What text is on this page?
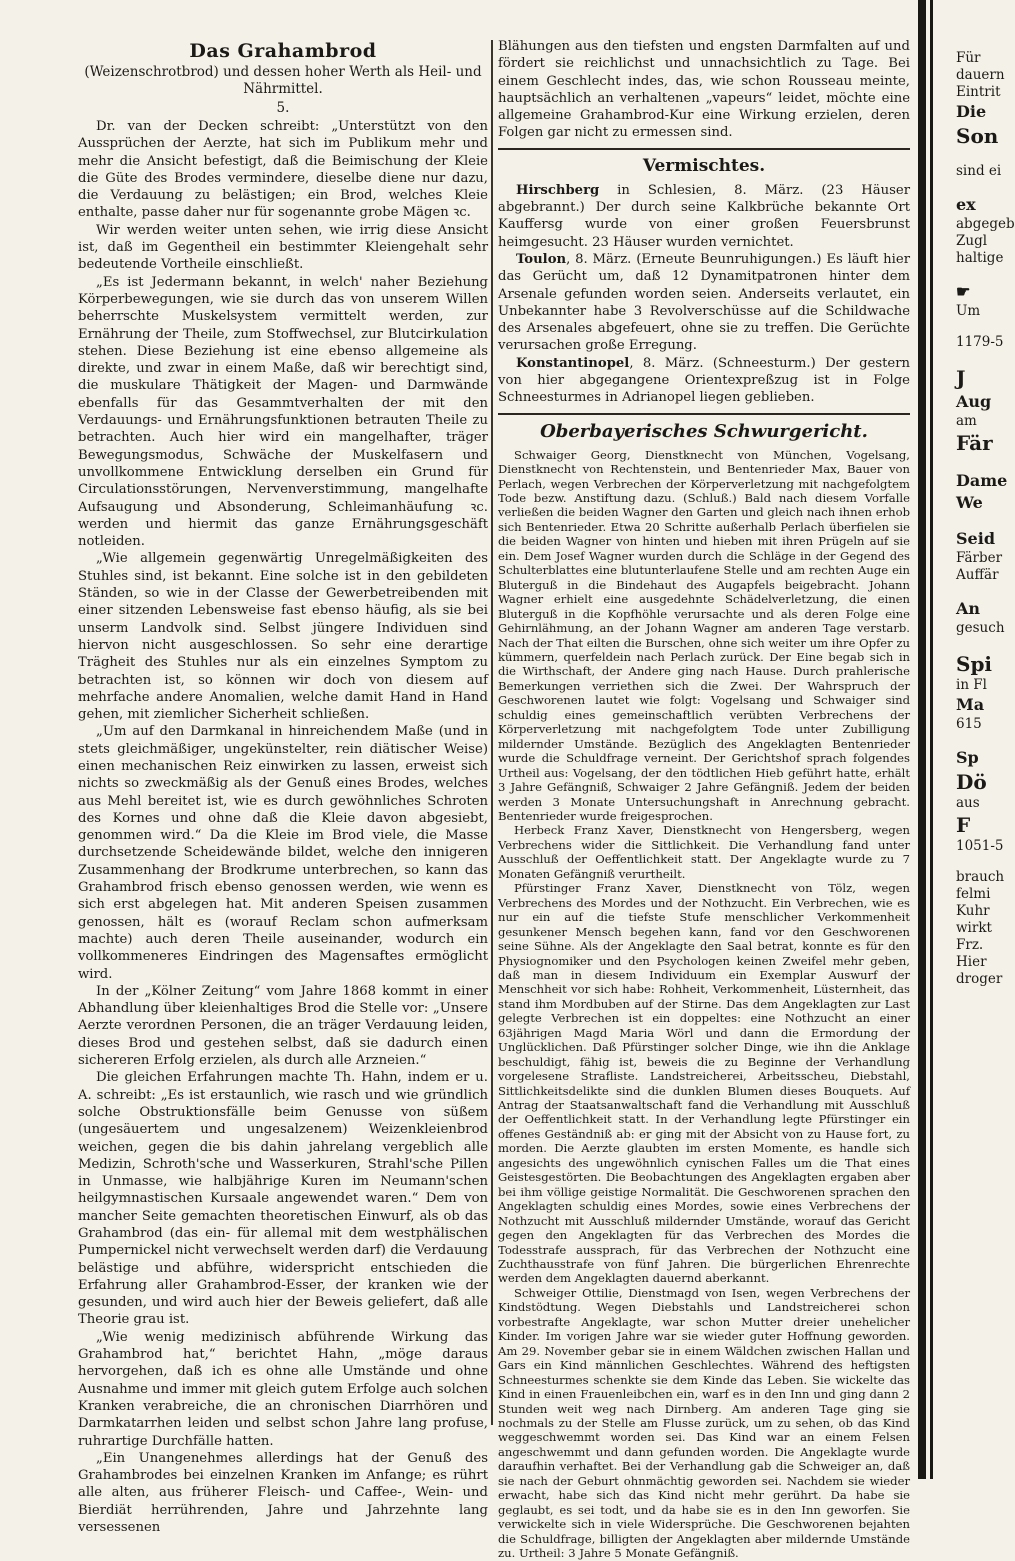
Das Grahambrod

(Weizenschrotbrod) und dessen hoher Werth als Heil- und Nährmittel.

5.

Dr. van der Decken schreibt: „Unterstützt von den Aussprüchen der Aerzte, hat sich im Publikum mehr und mehr die Ansicht befestigt, daß die Beimischung der Kleie die Güte des Brodes vermindere, dieselbe diene nur dazu, die Verdauung zu belästigen; ein Brod, welches Kleie enthalte, passe daher nur für sogenannte grobe Mägen ꝛc.

Wir werden weiter unten sehen, wie irrig diese Ansicht ist, daß im Gegentheil ein bestimmter Kleiengehalt sehr bedeutende Vortheile einschließt.

„Es ist Jedermann bekannt, in welch' naher Beziehung Körperbewegungen, wie sie durch das von unserem Willen beherrschte Muskelsystem vermittelt werden, zur Ernährung der Theile, zum Stoffwechsel, zur Blutcirkulation stehen. Diese Beziehung ist eine ebenso allgemeine als direkte, und zwar in einem Maße, daß wir berechtigt sind, die muskulare Thätigkeit der Magen- und Darmwände ebenfalls für das Gesammtverhalten der mit den Verdauungs- und Ernährungsfunktionen betrauten Theile zu betrachten. Auch hier wird ein mangelhafter, träger Bewegungsmodus, Schwäche der Muskelfasern und unvollkommene Entwicklung derselben ein Grund für Circulationsstörungen, Nervenverstimmung, mangelhafte Aufsaugung und Absonderung, Schleimanhäufung ꝛc. werden und hiermit das ganze Ernährungsgeschäft notleiden.

„Wie allgemein gegenwärtig Unregelmäßigkeiten des Stuhles sind, ist bekannt. Eine solche ist in den gebildeten Ständen, so wie in der Classe der Gewerbetreibenden mit einer sitzenden Lebensweise fast ebenso häufig, als sie bei unserm Landvolk sind. Selbst jüngere Individuen sind hiervon nicht ausgeschlossen. So sehr eine derartige Trägheit des Stuhles nur als ein einzelnes Symptom zu betrachten ist, so können wir doch von diesem auf mehrfache andere Anomalien, welche damit Hand in Hand gehen, mit ziemlicher Sicherheit schließen.

„Um auf den Darmkanal in hinreichendem Maße (und in stets gleichmäßiger, ungekünstelter, rein diätischer Weise) einen mechanischen Reiz einwirken zu lassen, erweist sich nichts so zweckmäßig als der Genuß eines Brodes, welches aus Mehl bereitet ist, wie es durch gewöhnliches Schroten des Kornes und ohne daß die Kleie davon abgesiebt, genommen wird.“ Da die Kleie im Brod viele, die Masse durchsetzende Scheidewände bildet, welche den innigeren Zusammenhang der Brodkrume unterbrechen, so kann das Grahambrod frisch ebenso genossen werden, wie wenn es sich erst abgelegen hat. Mit anderen Speisen zusammen genossen, hält es (worauf Reclam schon aufmerksam machte) auch deren Theile auseinander, wodurch ein vollkommeneres Eindringen des Magensaftes ermöglicht wird.

In der „Kölner Zeitung“ vom Jahre 1868 kommt in einer Abhandlung über kleienhaltiges Brod die Stelle vor: „Unsere Aerzte verordnen Personen, die an träger Verdauung leiden, dieses Brod und gestehen selbst, daß sie dadurch einen sichereren Erfolg erzielen, als durch alle Arzneien.“

Die gleichen Erfahrungen machte Th. Hahn, indem er u. A. schreibt: „Es ist erstaunlich, wie rasch und wie gründlich solche Obstruktionsfälle beim Genusse von süßem (ungesäuertem und ungesalzenem) Weizenkleienbrod weichen, gegen die bis dahin jahrelang vergeblich alle Medizin, Schroth'sche und Wasserkuren, Strahl'sche Pillen in Unmasse, wie halbjährige Kuren im Neumann'schen heilgymnastischen Kursaale angewendet waren.“ Dem von mancher Seite gemachten theoretischen Einwurf, als ob das Grahambrod (das ein- für allemal mit dem westphälischen Pumpernickel nicht verwechselt werden darf) die Verdauung belästige und abführe, widerspricht entschieden die Erfahrung aller Grahambrod-Esser, der kranken wie der gesunden, und wird auch hier der Beweis geliefert, daß alle Theorie grau ist.

„Wie wenig medizinisch abführende Wirkung das Grahambrod hat,“ berichtet Hahn, „möge daraus hervorgehen, daß ich es ohne alle Umstände und ohne Ausnahme und immer mit gleich gutem Erfolge auch solchen Kranken verabreiche, die an chronischen Diarrhören und Darmkatarrhen leiden und selbst schon Jahre lang profuse, ruhrartige Durchfälle hatten.

„Ein Unangenehmes allerdings hat der Genuß des Grahambrodes bei einzelnen Kranken im Anfange; es rührt alle alten, aus früherer Fleisch- und Caffee-, Wein- und Bierdiät herrührenden, Jahre und Jahrzehnte lang versessenen

Blähungen aus den tiefsten und engsten Darmfalten auf und fördert sie reichlichst und unnachsichtlich zu Tage. Bei einem Geschlecht indes, das, wie schon Rousseau meinte, hauptsächlich an verhaltenen „vapeurs“ leidet, möchte eine allgemeine Grahambrod-Kur eine Wirkung erzielen, deren Folgen gar nicht zu ermessen sind.

Vermischtes.

Hirschberg in Schlesien, 8. März. (23 Häuser abgebrannt.) Der durch seine Kalkbrüche bekannte Ort Kauffersg wurde von einer großen Feuersbrunst heimgesucht. 23 Häuser wurden vernichtet.

Toulon, 8. März. (Erneute Beunruhigungen.) Es läuft hier das Gerücht um, daß 12 Dynamitpatronen hinter dem Arsenale gefunden worden seien. Anderseits verlautet, ein Unbekannter habe 3 Revolverschüsse auf die Schildwache des Arsenales abgefeuert, ohne sie zu treffen. Die Gerüchte verursachen große Erregung.

Konstantinopel, 8. März. (Schneesturm.) Der gestern von hier abgegangene Orientexpreßzug ist in Folge Schneesturmes in Adrianopel liegen geblieben.

Oberbayerisches Schwurgericht.

Schwaiger Georg, Dienstknecht von München, Vogelsang, Dienstknecht von Rechtenstein, und Bentenrieder Max, Bauer von Perlach, wegen Verbrechen der Körperverletzung mit nachgefolgtem Tode bezw. Anstiftung dazu. (Schluß.) Bald nach diesem Vorfalle verließen die beiden Wagner den Garten und gleich nach ihnen erhob sich Bentenrieder. Etwa 20 Schritte außerhalb Perlach überfielen sie die beiden Wagner von hinten und hieben mit ihren Prügeln auf sie ein. Dem Josef Wagner wurden durch die Schläge in der Gegend des Schulterblattes eine blutunterlaufene Stelle und am rechten Auge ein Bluterguß in die Bindehaut des Augapfels beigebracht. Johann Wagner erhielt eine ausgedehnte Schädelverletzung, die einen Bluterguß in die Kopfhöhle verursachte und als deren Folge eine Gehirnlähmung, an der Johann Wagner am anderen Tage verstarb. Nach der That eilten die Burschen, ohne sich weiter um ihre Opfer zu kümmern, querfeldein nach Perlach zurück. Der Eine begab sich in die Wirthschaft, der Andere ging nach Hause. Durch prahlerische Bemerkungen verriethen sich die Zwei. Der Wahrspruch der Geschworenen lautet wie folgt: Vogelsang und Schwaiger sind schuldig eines gemeinschaftlich verübten Verbrechens der Körperverletzung mit nachgefolgtem Tode unter Zubilligung mildernder Umstände. Bezüglich des Angeklagten Bentenrieder wurde die Schuldfrage verneint. Der Gerichtshof sprach folgendes Urtheil aus: Vogelsang, der den tödtlichen Hieb geführt hatte, erhält 3 Jahre Gefängniß, Schwaiger 2 Jahre Gefängniß. Jedem der beiden werden 3 Monate Untersuchungshaft in Anrechnung gebracht. Bentenrieder wurde freigesprochen.

Herbeck Franz Xaver, Dienstknecht von Hengersberg, wegen Verbrechens wider die Sittlichkeit. Die Verhandlung fand unter Ausschluß der Oeffentlichkeit statt. Der Angeklagte wurde zu 7 Monaten Gefängniß verurtheilt.

Pfürstinger Franz Xaver, Dienstknecht von Tölz, wegen Verbrechens des Mordes und der Nothzucht. Ein Verbrechen, wie es nur ein auf die tiefste Stufe menschlicher Verkommenheit gesunkener Mensch begehen kann, fand vor den Geschworenen seine Sühne. Als der Angeklagte den Saal betrat, konnte es für den Physiognomiker und den Psychologen keinen Zweifel mehr geben, daß man in diesem Individuum ein Exemplar Auswurf der Menschheit vor sich habe: Rohheit, Verkommenheit, Lüsternheit, das stand ihm Mordbuben auf der Stirne. Das dem Angeklagten zur Last gelegte Verbrechen ist ein doppeltes: eine Nothzucht an einer 63jährigen Magd Maria Wörl und dann die Ermordung der Unglücklichen. Daß Pfürstinger solcher Dinge, wie ihn die Anklage beschuldigt, fähig ist, beweis die zu Beginne der Verhandlung vorgelesene Strafliste. Landstreicherei, Arbeitsscheu, Diebstahl, Sittlichkeitsdelikte sind die dunklen Blumen dieses Bouquets. Auf Antrag der Staatsanwaltschaft fand die Verhandlung mit Ausschluß der Oeffentlichkeit statt. In der Verhandlung legte Pfürstinger ein offenes Geständniß ab: er ging mit der Absicht von zu Hause fort, zu morden. Die Aerzte glaubten im ersten Momente, es handle sich angesichts des ungewöhnlich cynischen Falles um die That eines Geistesgestörten. Die Beobachtungen des Angeklagten ergaben aber bei ihm völlige geistige Normalität. Die Geschworenen sprachen den Angeklagten schuldig eines Mordes, sowie eines Verbrechens der Nothzucht mit Ausschluß mildernder Umstände, worauf das Gericht gegen den Angeklagten für das Verbrechen des Mordes die Todesstrafe aussprach, für das Verbrechen der Nothzucht eine Zuchthausstrafe von fünf Jahren. Die bürgerlichen Ehrenrechte werden dem Angeklagten dauernd aberkannt.

Schweiger Ottilie, Dienstmagd von Isen, wegen Verbrechens der Kindstödtung. Wegen Diebstahls und Landstreicherei schon vorbestrafte Angeklagte, war schon Mutter dreier unehelicher Kinder. Im vorigen Jahre war sie wieder guter Hoffnung geworden. Am 29. November gebar sie in einem Wäldchen zwischen Hallan und Gars ein Kind männlichen Geschlechtes. Während des heftigsten Schneesturmes schenkte sie dem Kinde das Leben. Sie wickelte das Kind in einen Frauenleibchen ein, warf es in den Inn und ging dann 2 Stunden weit weg nach Dirnberg. Am anderen Tage ging sie nochmals zu der Stelle am Flusse zurück, um zu sehen, ob das Kind weggeschwemmt worden sei. Das Kind war an einem Felsen angeschwemmt und dann gefunden worden. Die Angeklagte wurde daraufhin verhaftet. Bei der Verhandlung gab die Schweiger an, daß sie nach der Geburt ohnmächtig geworden sei. Nachdem sie wieder erwacht, habe sich das Kind nicht mehr gerührt. Da habe sie geglaubt, es sei todt, und da habe sie es in den Inn geworfen. Sie verwickelte sich in viele Widersprüche. Die Geschworenen bejahten die Schuldfrage, billigten der Angeklagten aber mildernde Umstände zu. Urtheil: 3 Jahre 5 Monate Gefängniß.

Für
dauern
Eintrit
Die
Son
sind ei
ex
abgegeb
Zugl
haltige
☛
Um
1179-5
J
Aug
am
Fär
Dame
We
Seid
Färber
Auffär
An
gesuch
Spi
in Fl
Ma
615
Sp
Dö
aus
F
1051-5
brauch
felmi
Kuhr
wirkt
Frz.
Hier
droger
